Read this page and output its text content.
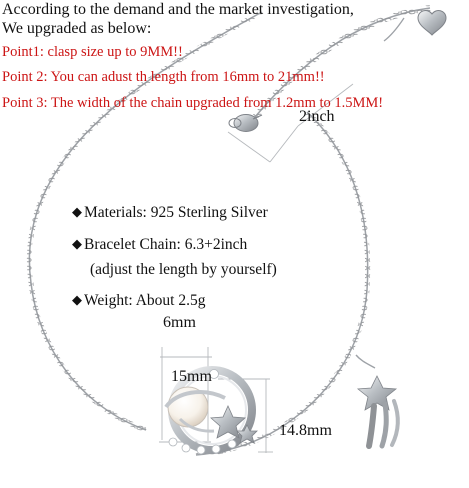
According to the demand and the market investigation,
We upgraded as below:
Point1: clasp size up to 9MM!!
Point 2: You can adust th length from 16mm to 21mm!!
Point 3: The width of the chain upgraded from 1.2mm to 1.5MM!
2inch
◆ Materials: 925 Sterling Silver
◆ Bracelet Chain: 6.3+2inch
(adjust the length by yourself)
◆ Weight: About 2.5g
6mm
15mm
14.8mm
